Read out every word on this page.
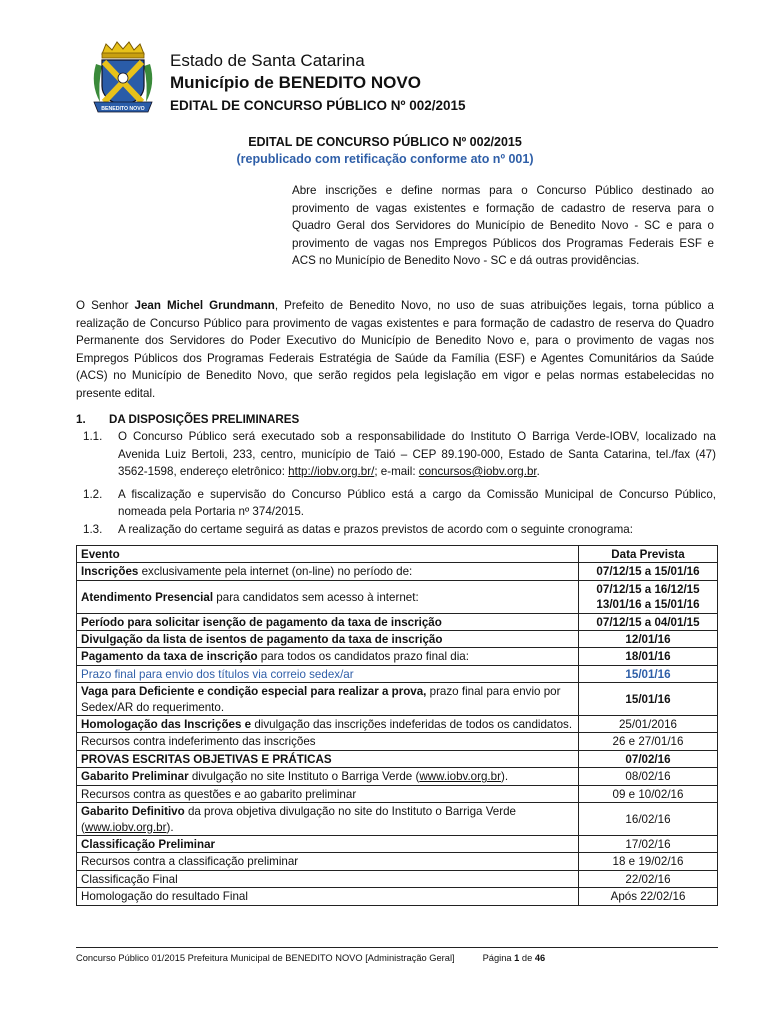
BENEDITO NOVO
Estado de Santa Catarina
Município de BENEDITO NOVO
EDITAL DE CONCURSO PÚBLICO Nº 002/2015
EDITAL DE CONCURSO PÚBLICO Nº 002/2015
(republicado com retificação conforme ato nº 001)
Abre inscrições e define normas para o Concurso Público destinado ao provimento de vagas existentes e formação de cadastro de reserva para o Quadro Geral dos Servidores do Município de Benedito Novo - SC e para o provimento de vagas nos Empregos Públicos dos Programas Federais ESF e ACS no Município de Benedito Novo - SC e dá outras providências.
O Senhor Jean Michel Grundmann, Prefeito de Benedito Novo, no uso de suas atribuições legais, torna público a realização de Concurso Público para provimento de vagas existentes e para formação de cadastro de reserva do Quadro Permanente dos Servidores do Poder Executivo do Município de Benedito Novo e, para o provimento de vagas nos Empregos Públicos dos Programas Federais Estratégia de Saúde da Família (ESF) e Agentes Comunitários da Saúde (ACS) no Município de Benedito Novo, que serão regidos pela legislação em vigor e pelas normas estabelecidas no presente edital.
1. DA DISPOSIÇÕES PRELIMINARES
1.1. O Concurso Público será executado sob a responsabilidade do Instituto O Barriga Verde-IOBV, localizado na Avenida Luiz Bertoli, 233, centro, município de Taió – CEP 89.190-000, Estado de Santa Catarina, tel./fax (47) 3562-1598, endereço eletrônico: http://iobv.org.br/; e-mail: concursos@iobv.org.br.
1.2. A fiscalização e supervisão do Concurso Público está a cargo da Comissão Municipal de Concurso Público, nomeada pela Portaria nº 374/2015.
1.3. A realização do certame seguirá as datas e prazos previstos de acordo com o seguinte cronograma:
Evento	Data Prevista
Inscrições exclusivamente pela internet (on-line) no período de:	07/12/15 a 15/01/16

Atendimento Presencial para candidatos sem acesso à internet:	07/12/15 a 16/12/15
13/01/16 a 15/01/16

Período para solicitar isenção de pagamento da taxa de inscrição	07/12/15 a 04/01/15

Divulgação da lista de isentos de pagamento da taxa de inscrição	12/01/16

Pagamento da taxa de inscrição para todos os candidatos prazo final dia:	18/01/16

Prazo final para envio dos títulos via correio sedex/ar	15/01/16

Vaga para Deficiente e condição especial para realizar a prova, prazo final para envio por Sedex/AR do requerimento.	15/01/16

Homologação das Inscrições e divulgação das inscrições indeferidas de todos os candidatos.	25/01/2016

Recursos contra indeferimento das inscrições	26 e 27/01/16

PROVAS ESCRITAS OBJETIVAS E PRÁTICAS	07/02/16

Gabarito Preliminar divulgação no site Instituto o Barriga Verde (www.iobv.org.br).	08/02/16

Recursos contra as questões e ao gabarito preliminar	09 e 10/02/16

Gabarito Definitivo da prova objetiva divulgação no site do Instituto o Barriga Verde (www.iobv.org.br).	16/02/16

Classificação Preliminar	17/02/16

Recursos contra a classificação preliminar	18 e 19/02/16

Classificação Final	22/02/16

Homologação do resultado Final	Após 22/02/16
Concurso Público 01/2015 Prefeitura Municipal de BENEDITO NOVO [Administração Geral]	Página 1 de 46
